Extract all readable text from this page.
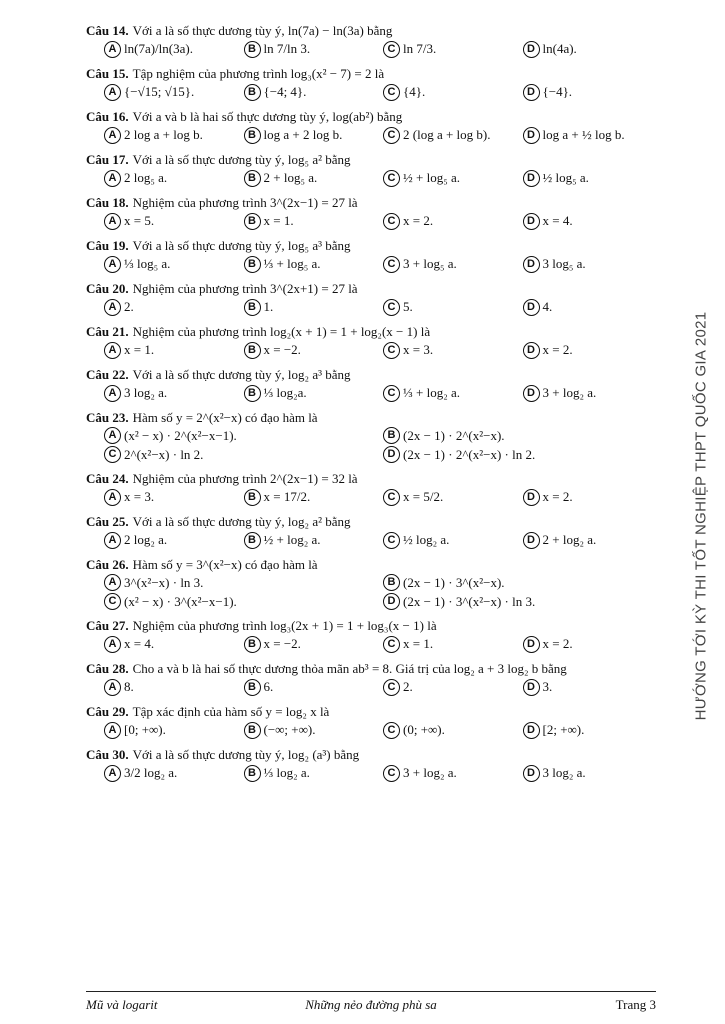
Câu 14. Với a là số thực dương tùy ý, ln(7a) − ln(3a) bằng
A ln(7a)/ln(3a).	B ln 7/ln 3.	C ln 7/3.	D ln(4a).
Câu 15. Tập nghiệm của phương trình log₃(x² − 7) = 2 là
A {−√15; √15}.	B {−4; 4}.	C {4}.	D {−4}.
Câu 16. Với a và b là hai số thực dương tùy ý, log(ab²) bằng
A 2 log a + log b.	B log a + 2 log b.	C 2 (log a + log b).	D log a + ½ log b.
Câu 17. Với a là số thực dương tùy ý, log₅ a² bằng
A 2 log₅ a.	B 2 + log₅ a.	C ½ + log₅ a.	D ½ log₅ a.
Câu 18. Nghiệm của phương trình 3^(2x−1) = 27 là
A x = 5.	B x = 1.	C x = 2.	D x = 4.
Câu 19. Với a là số thực dương tùy ý, log₅ a³ bằng
A ⅓ log₅ a.	B ⅓ + log₅ a.	C 3 + log₅ a.	D 3 log₅ a.
Câu 20. Nghiệm của phương trình 3^(2x+1) = 27 là
A 2.	B 1.	C 5.	D 4.
Câu 21. Nghiệm của phương trình log₂(x + 1) = 1 + log₂(x − 1) là
A x = 1.	B x = −2.	C x = 3.	D x = 2.
Câu 22. Với a là số thực dương tùy ý, log₂ a³ bằng
A 3 log₂ a.	B ⅓ log₂a.	C ⅓ + log₂ a.	D 3 + log₂ a.
Câu 23. Hàm số y = 2^(x²−x) có đạo hàm là
A (x² − x) · 2^(x²−x−1).	B (2x − 1) · 2^(x²−x).
C 2^(x²−x) · ln 2.	D (2x − 1) · 2^(x²−x) · ln 2.
Câu 24. Nghiệm của phương trình 2^(2x−1) = 32 là
A x = 3.	B x = 17/2.	C x = 5/2.	D x = 2.
Câu 25. Với a là số thực dương tùy ý, log₂ a² bằng
A 2 log₂ a.	B ½ + log₂ a.	C ½ log₂ a.	D 2 + log₂ a.
Câu 26. Hàm số y = 3^(x²−x) có đạo hàm là
A 3^(x²−x) · ln 3.	B (2x − 1) · 3^(x²−x).
C (x² − x) · 3^(x²−x−1).	D (2x − 1) · 3^(x²−x) · ln 3.
Câu 27. Nghiệm của phương trình log₃(2x + 1) = 1 + log₃(x − 1) là
A x = 4.	B x = −2.	C x = 1.	D x = 2.
Câu 28. Cho a và b là hai số thực dương thỏa mãn ab³ = 8. Giá trị của log₂ a + 3 log₂ b bằng
A 8.	B 6.	C 2.	D 3.
Câu 29. Tập xác định của hàm số y = log₂ x là
A [0; +∞).	B (−∞; +∞).	C (0; +∞).	D [2; +∞).
Câu 30. Với a là số thực dương tùy ý, log₂ (a³) bằng
A 3/2 log₂ a.	B ⅓ log₂ a.	C 3 + log₂ a.	D 3 log₂ a.
HƯỚNG TỚI KỲ THI TỐT NGHIỆP THPT QUỐC GIA 2021
Mũ và logarit	Những nẻo đường phù sa	Trang 3
